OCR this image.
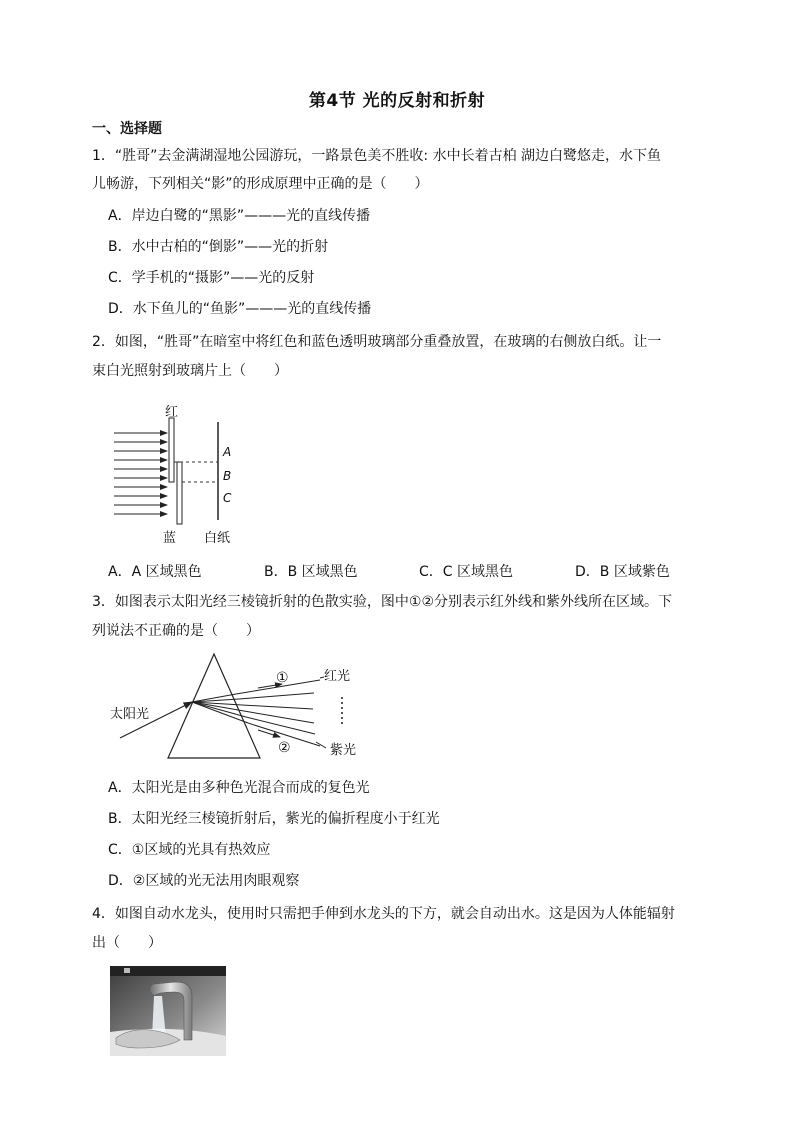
第4节 光的反射和折射
一、选择题
1．“胜哥”去金满湖湿地公园游玩，一路景色美不胜收: 水中长着古柏 湖边白鹭悠走，水下鱼
儿畅游，下列相关“影”的形成原理中正确的是（　　）
A．岸边白鹭的“黑影”———光的直线传播
B．水中古柏的“倒影”——光的折射
C．学手机的“摄影”——光的反射
D．水下鱼儿的“鱼影”———光的直线传播
2．如图，“胜哥”在暗室中将红色和蓝色透明玻璃部分重叠放置，在玻璃的右侧放白纸。让一
束白光照射到玻璃片上（　　）
红
蓝 白纸
A
B
C
A．A 区域黑色	B．B 区域黑色	C．C 区域黑色	D．B 区域紫色
3．如图表示太阳光经三棱镜折射的色散实验，图中①②分别表示红外线和紫外线所在区域。下
列说法不正确的是（　　）
太阳光
红光
紫光
①
②
A．太阳光是由多种色光混合而成的复色光
B．太阳光经三棱镜折射后，紫光的偏折程度小于红光
C．①区域的光具有热效应
D．②区域的光无法用肉眼观察
4．如图自动水龙头，使用时只需把手伸到水龙头的下方，就会自动出水。这是因为人体能辐射
出（　　）
